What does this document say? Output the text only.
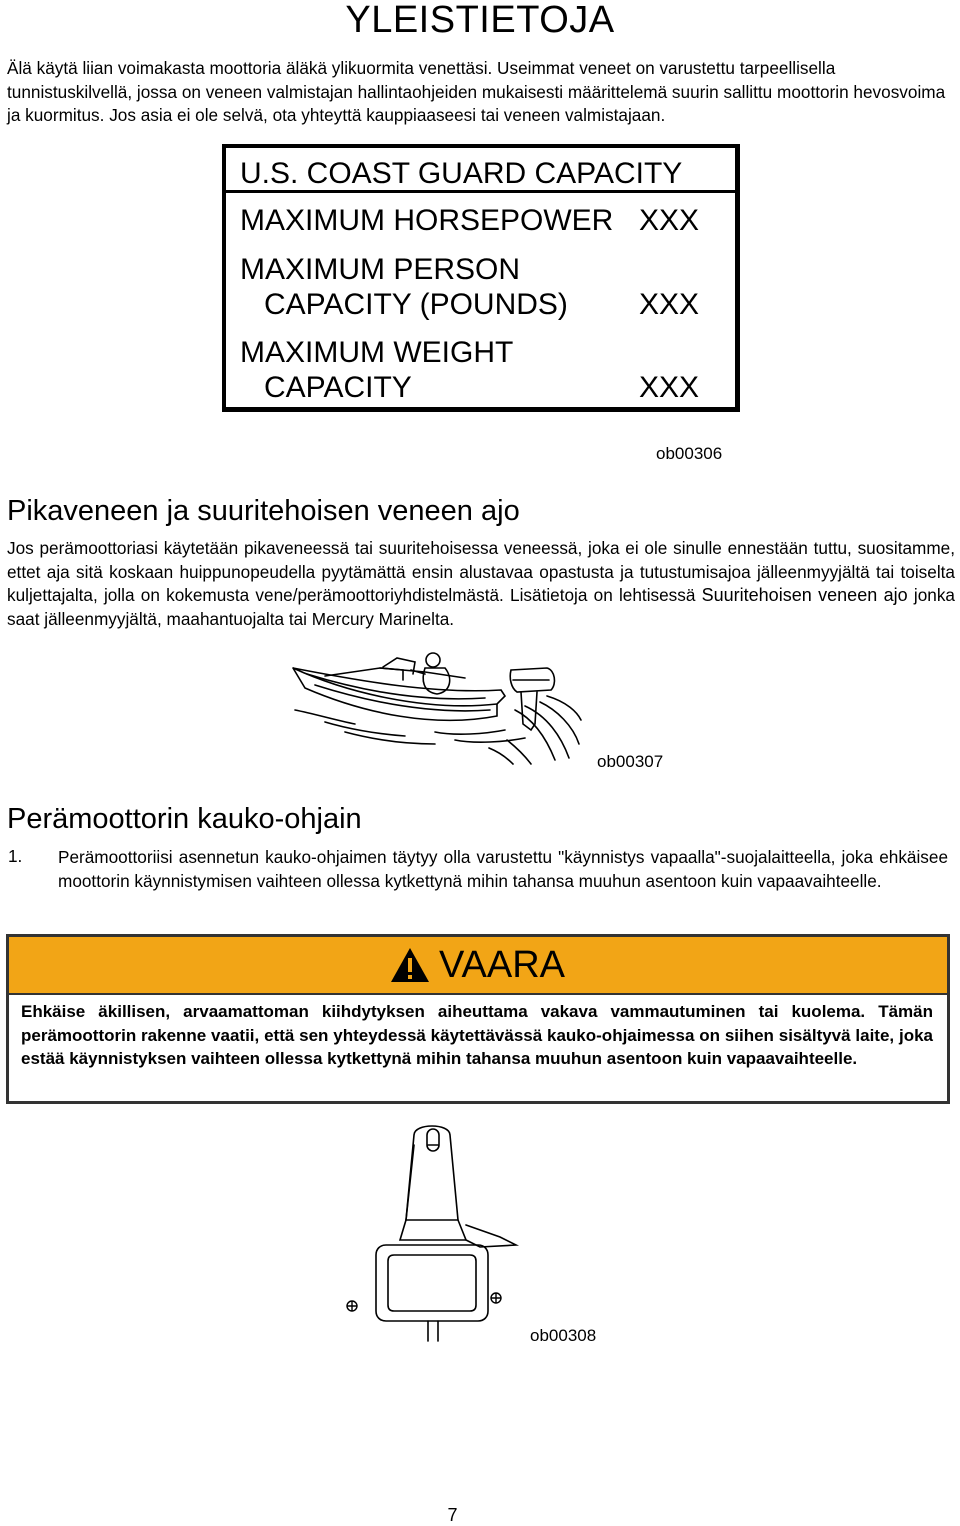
YLEISTIETOJA
Älä käytä liian voimakasta moottoria äläkä ylikuormita venettäsi. Useimmat veneet on varustettu tarpeellisella tunnistuskilvellä, jossa on veneen valmistajan hallintaohjeiden mukaisesti määrittelemä suurin sallittu moottorin hevosvoima ja kuormitus. Jos asia ei ole selvä, ota yhteyttä kauppiaaseesi tai veneen valmistajaan.
U.S. COAST GUARD CAPACITY
MAXIMUM HORSEPOWER XXX
MAXIMUM PERSON
CAPACITY (POUNDS) XXX
MAXIMUM WEIGHT
CAPACITY	XXX
ob00306
Pikaveneen ja suuritehoisen veneen ajo
Jos perämoottoriasi käytetään pikaveneessä tai suuritehoisessa veneessä, joka ei ole sinulle ennestään tuttu, suositamme, ettet aja sitä koskaan huippunopeudella pyytämättä ensin alustavaa opastusta ja tutustumisajoa jälleenmyyjältä tai toiselta kuljettajalta, jolla on kokemusta vene/perämoottoriyhdistelmästä. Lisätietoja on lehtisessä Suuritehoisen veneen ajo jonka saat jälleenmyyjältä, maahantuojalta tai Mercury Marinelta.
ob00307
Perämoottorin kauko-ohjain
1. Perämoottoriisi asennetun kauko-ohjaimen täytyy olla varustettu "käynnistys vapaalla"-suojalaitteella, joka ehkäisee moottorin käynnistymisen vaihteen ollessa kytkettynä mihin tahansa muuhun asentoon kuin vapaavaihteelle.
VAARA
Ehkäise äkillisen, arvaamattoman kiihdytyksen aiheuttama vakava vammautuminen tai kuolema. Tämän perämoottorin rakenne vaatii, että sen yhteydessä käytettävässä kauko-ohjaimessa on siihen sisältyvä laite, joka estää käynnistyksen vaihteen ollessa kytkettynä mihin tahansa muuhun asentoon kuin vapaavaihteelle.
ob00308
7
